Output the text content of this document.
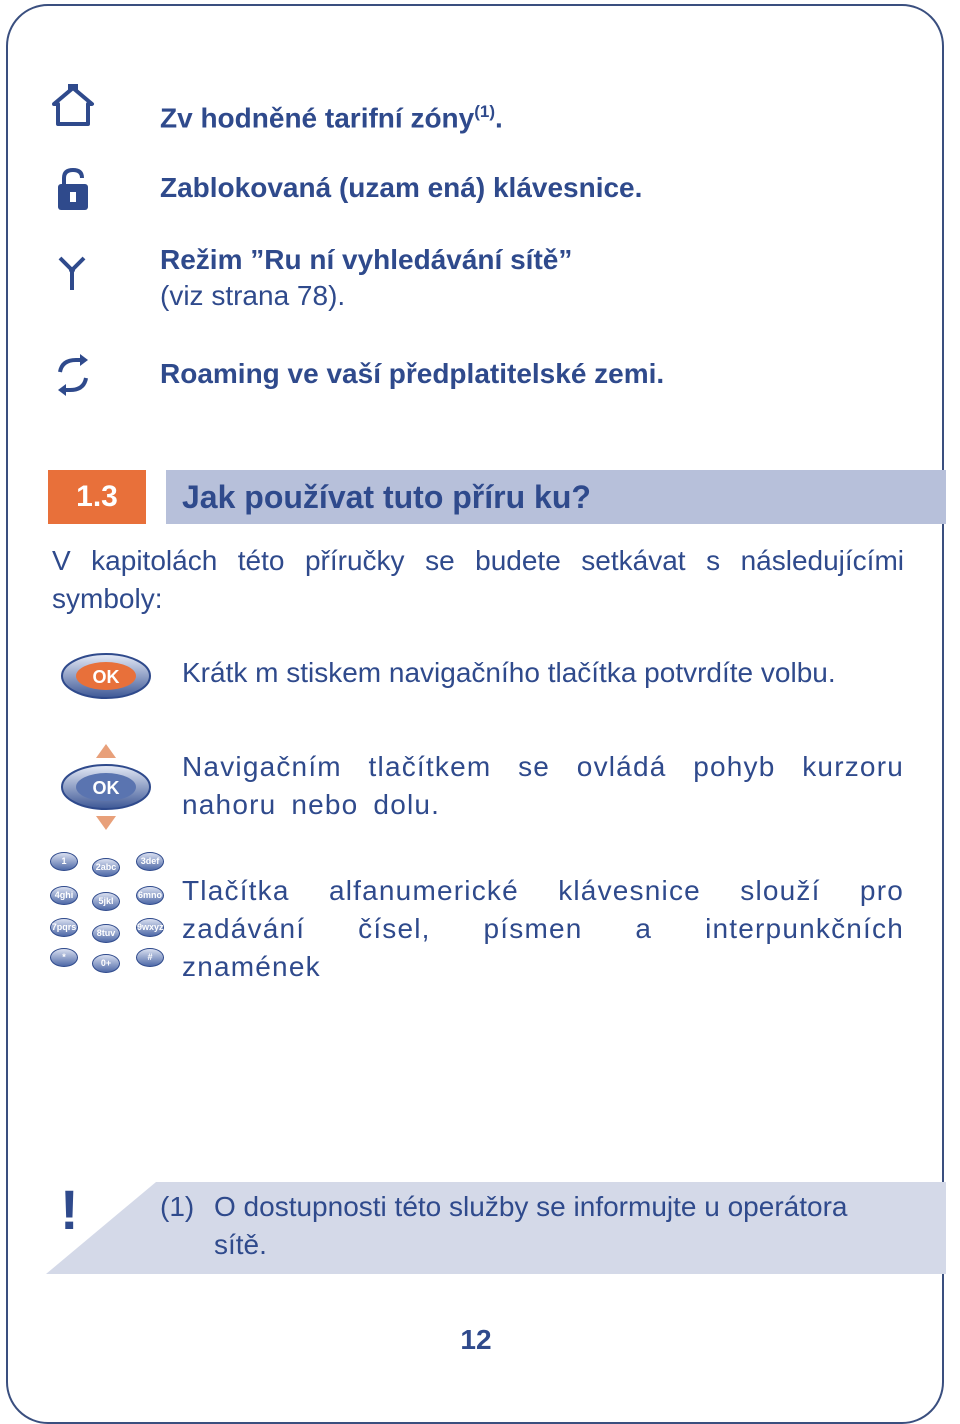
Zv hodněné tarifní zóny$^{(1)}$.
Zablokovaná (uzam ená) klávesnice.
Režim ”Ru ní vyhledávání sítě”
(viz strana 78).
Roaming ve vaší předplatitelské zemi.
1.3	Jak používat tuto příru ku?
V kapitolách této příručky se budete setkávat s následujícími symboly:
OK Krátk m stiskem navigačního tlačítka potvrdíte volbu.
OK
Navigačním tlačítkem se ovládá pohyb kurzoru nahoru nebo dolu.
1
2abc
3def
4ghi
5jkl
6mno
7pqrs
8tuv
9wxyz
*
0+
#
Tlačítka alfanumerické klávesnice slouží pro zadávání čísel, písmen a interpunkčních znamének
!	(1) O dostupnosti této služby se informujte u operátora
sítě.
12
